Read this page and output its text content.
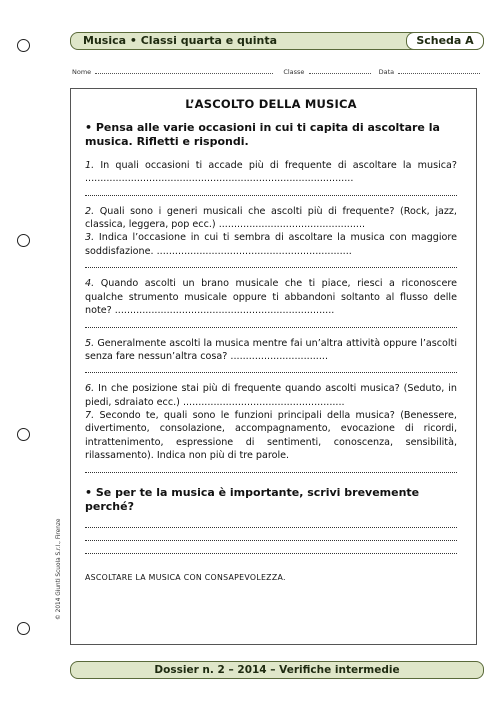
Musica • Classi quarta e quinta	Scheda A
Nome	Classe	Data
L’ASCOLTO DELLA MUSICA
• Pensa alle varie occasioni in cui ti capita di ascoltare la musica. Rifletti e rispondi.

1. In quali occasioni ti accade più di frequente di ascoltare la musica? ........................................................................................

2. Quali sono i generi musicali che ascolti più di frequente? (Rock, jazz, classica, leggera, pop ecc.) ................................................

3. Indica l’occasione in cui ti sembra di ascoltare la musica con maggiore soddisfazione. ................................................................

4. Quando ascolti un brano musicale che ti piace, riesci a riconoscere qualche strumento musicale oppure ti abbandoni soltanto al flusso delle note? ........................................................................

5. Generalmente ascolti la musica mentre fai un’altra attività oppure l’ascolti senza fare nessun’altra cosa? ................................

6. In che posizione stai più di frequente quando ascolti musica? (Seduto, in piedi, sdraiato ecc.) .....................................................

7. Secondo te, quali sono le funzioni principali della musica? (Benessere, divertimento, consolazione, accompagnamento, evocazione di ricordi, intrattenimento, espressione di sentimenti, conoscenza, sensibilità, rilassamento). Indica non più di tre parole.

• Se per te la musica è importante, scrivi brevemente perché?
ASCOLTARE LA MUSICA CON CONSAPEVOLEZZA.
© 2014 Giunti Scuola S.r.l., Firenze
Dossier n. 2 – 2014 – Verifiche intermedie
